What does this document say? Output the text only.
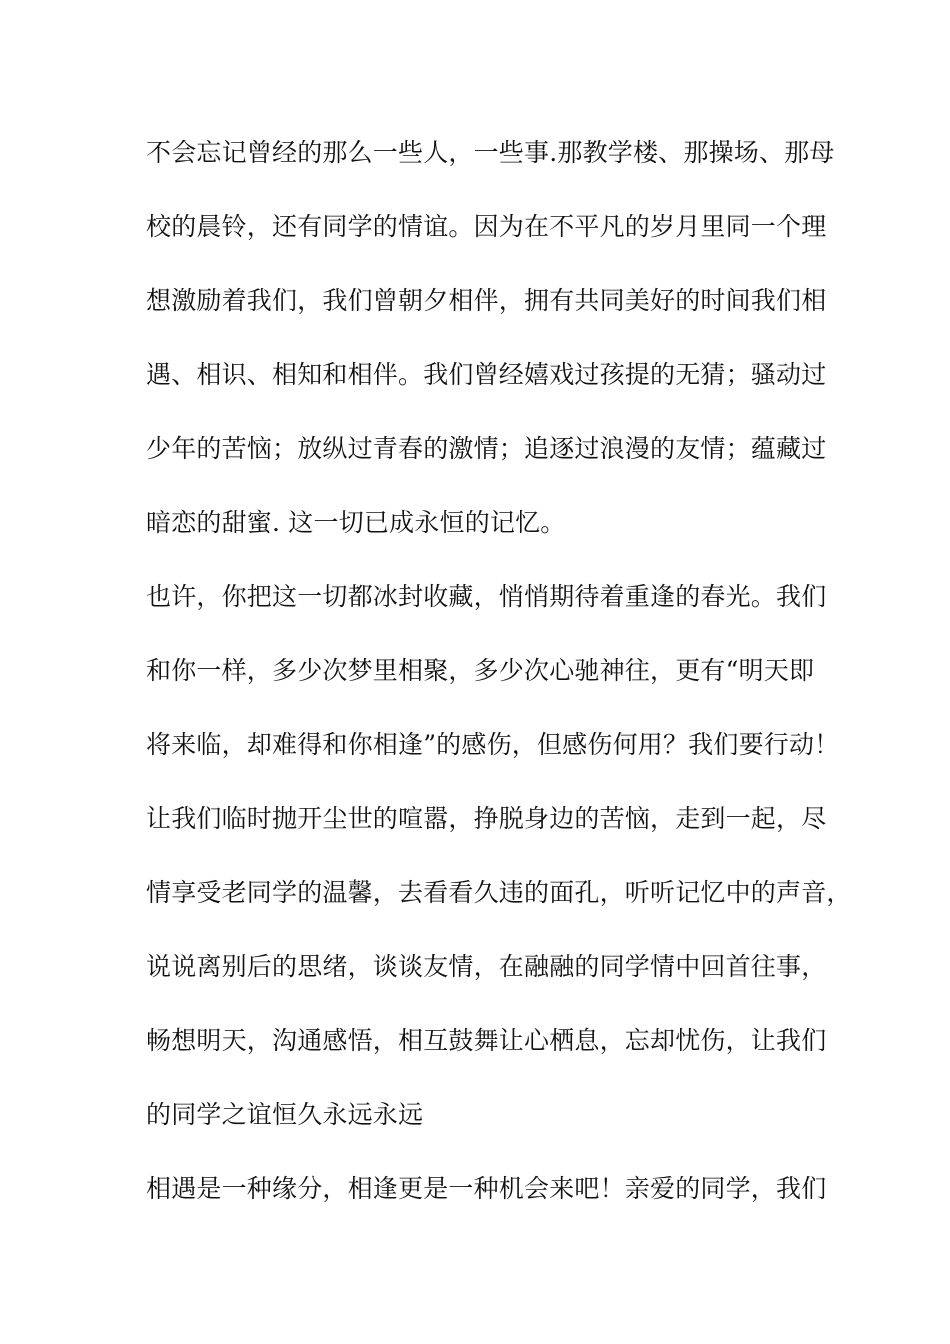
不会忘记曾经的那么一些人，一些事.那教学楼、那操场、那母
校的晨铃，还有同学的情谊。因为在不平凡的岁月里同一个理
想激励着我们，我们曾朝夕相伴，拥有共同美好的时间我们相
遇、相识、相知和相伴。我们曾经嬉戏过孩提的无猜；骚动过
少年的苦恼；放纵过青春的激情；追逐过浪漫的友情；蕴藏过
暗恋的甜蜜. 这一切已成永恒的记忆。
也许，你把这一切都冰封收藏，悄悄期待着重逢的春光。我们
和你一样，多少次梦里相聚，多少次心驰神往，更有“明天即
将来临，却难得和你相逢”的感伤，但感伤何用？我们要行动！
让我们临时抛开尘世的喧嚣，挣脱身边的苦恼，走到一起，尽
情享受老同学的温馨，去看看久违的面孔，听听记忆中的声音，
说说离别后的思绪，谈谈友情，在融融的同学情中回首往事，
畅想明天，沟通感悟，相互鼓舞让心栖息，忘却忧伤，让我们
的同学之谊恒久永远永远
相遇是一种缘分，相逢更是一种机会来吧！亲爱的同学，我们
